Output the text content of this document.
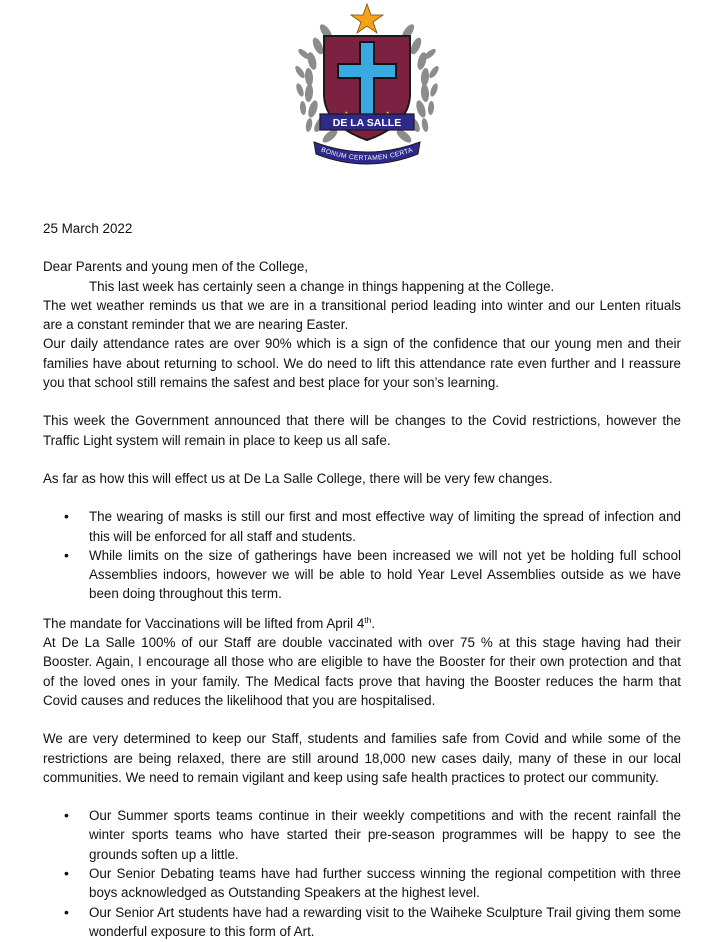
DE LA SALLE
BONUM CERTAMEN CERTA

25 March 2022

Dear Parents and young men of the College,

This last week has certainly seen a change in things happening at the College.

The wet weather reminds us that we are in a transitional period leading into winter and our Lenten rituals are a constant reminder that we are nearing Easter.

Our daily attendance rates are over 90% which is a sign of the confidence that our young men and their families have about returning to school. We do need to lift this attendance rate even further and I reassure you that school still remains the safest and best place for your son’s learning.

This week the Government announced that there will be changes to the Covid restrictions, however the Traffic Light system will remain in place to keep us all safe.

As far as how this will effect us at De La Salle College, there will be very few changes.

• The wearing of masks is still our first and most effective way of limiting the spread of infection and this will be enforced for all staff and students.
• While limits on the size of gatherings have been increased we will not yet be holding full school Assemblies indoors, however we will be able to hold Year Level Assemblies outside as we have been doing throughout this term.

The mandate for Vaccinations will be lifted from April 4th.

At De La Salle 100% of our Staff are double vaccinated with over 75 % at this stage having had their Booster. Again, I encourage all those who are eligible to have the Booster for their own protection and that of the loved ones in your family. The Medical facts prove that having the Booster reduces the harm that Covid causes and reduces the likelihood that you are hospitalised.

We are very determined to keep our Staff, students and families safe from Covid and while some of the restrictions are being relaxed, there are still around 18,000 new cases daily, many of these in our local communities. We need to remain vigilant and keep using safe health practices to protect our community.

• Our Summer sports teams continue in their weekly competitions and with the recent rainfall the winter sports teams who have started their pre-season programmes will be happy to see the grounds soften up a little.
• Our Senior Debating teams have had further success winning the regional competition with three boys acknowledged as Outstanding Speakers at the highest level.
• Our Senior Art students have had a rewarding visit to the Waiheke Sculpture Trail giving them some wonderful exposure to this form of Art.
